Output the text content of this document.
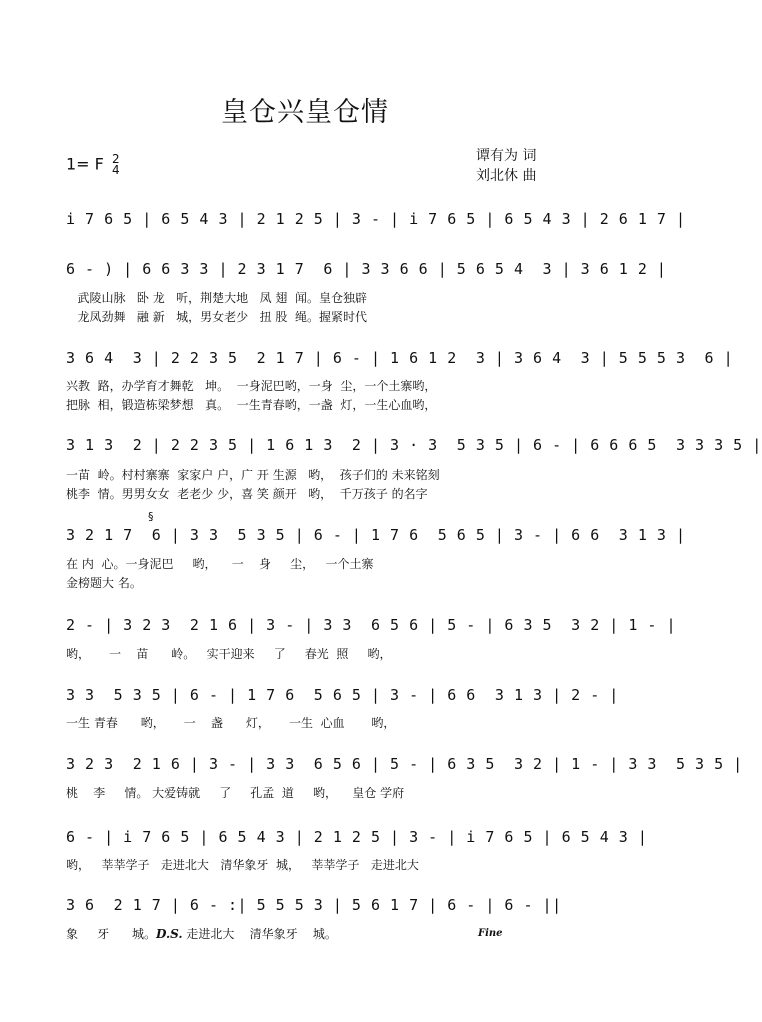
皇仓兴皇仓情
1= F 2
4
谭有为 词
刘北休 曲
i 7 6 5 | 6 5 4 3 | 2 1 2 5 | 3 - | i 7 6 5 | 6 5 4 3 | 2 6 1 7 |
6 - ) | 6 6 3 3 | 2 3 1 7  6 | 3 3 6 6 | 5 6 5 4  3 | 3 6 1 2 |
武陵山脉   卧 龙   听，荆楚大地   凤 翅  闻。皇仓独辟
龙凤劲舞   融 新   城，男女老少   扭 股  绳。握紧时代
3 6 4  3 | 2 2 3 5  2 1 7 | 6 - | 1 6 1 2  3 | 3 6 4  3 | 5 5 5 3  6 |
兴教  路，办学育才舞乾   坤。  一身泥巴哟，一身  尘，一个土寨哟，
把脉  相，锻造栋梁梦想   真。  一生青春哟，一盏  灯，一生心血哟，
3 1 3  2 | 2 2 3 5 | 1 6 1 3  2 | 3 · 3  5 3 5 | 6 - | 6 6 6 5  3 3 3 5 |
一苗  岭。村村寨寨  家家户 户，广 开 生源   哟，  孩子们的 未来铭刻
桃李  情。男男女女  老老少 少，喜 笑 颜开   哟，  千万孩子 的名字
§
3 2 1 7  6 | 3 3  5 3 5 | 6 - | 1 7 6  5 6 5 | 3 - | 6 6  3 1 3 |
在 内  心。一身泥巴     哟，    一    身     尘，   一个土寨
金榜题大 名。
2 - | 3 2 3  2 1 6 | 3 - | 3 3  6 5 6 | 5 - | 6 3 5  3 2 | 1 - |
哟，     一    苗      岭。   实干迎来     了     春光  照     哟，
3 3  5 3 5 | 6 - | 1 7 6  5 6 5 | 3 - | 6 6  3 1 3 | 2 - |
一生 青春      哟，     一    盏      灯，     一生  心血       哟，
3 2 3  2 1 6 | 3 - | 3 3  6 5 6 | 5 - | 6 3 5  3 2 | 1 - | 3 3  5 3 5 |
桃    李     情。 大爱铸就     了     孔孟  道     哟，    皇仓 学府
6 - | i 7 6 5 | 6 5 4 3 | 2 1 2 5 | 3 - | i 7 6 5 | 6 5 4 3 |
哟，   莘莘学子   走进北大   清华象牙  城，   莘莘学子   走进北大
3 6  2 1 7 | 6 - :| 5 5 5 3 | 5 6 1 7 | 6 - | 6 - ||
象     牙      城。D.S. 走进北大    清华象牙    城。	Fine
